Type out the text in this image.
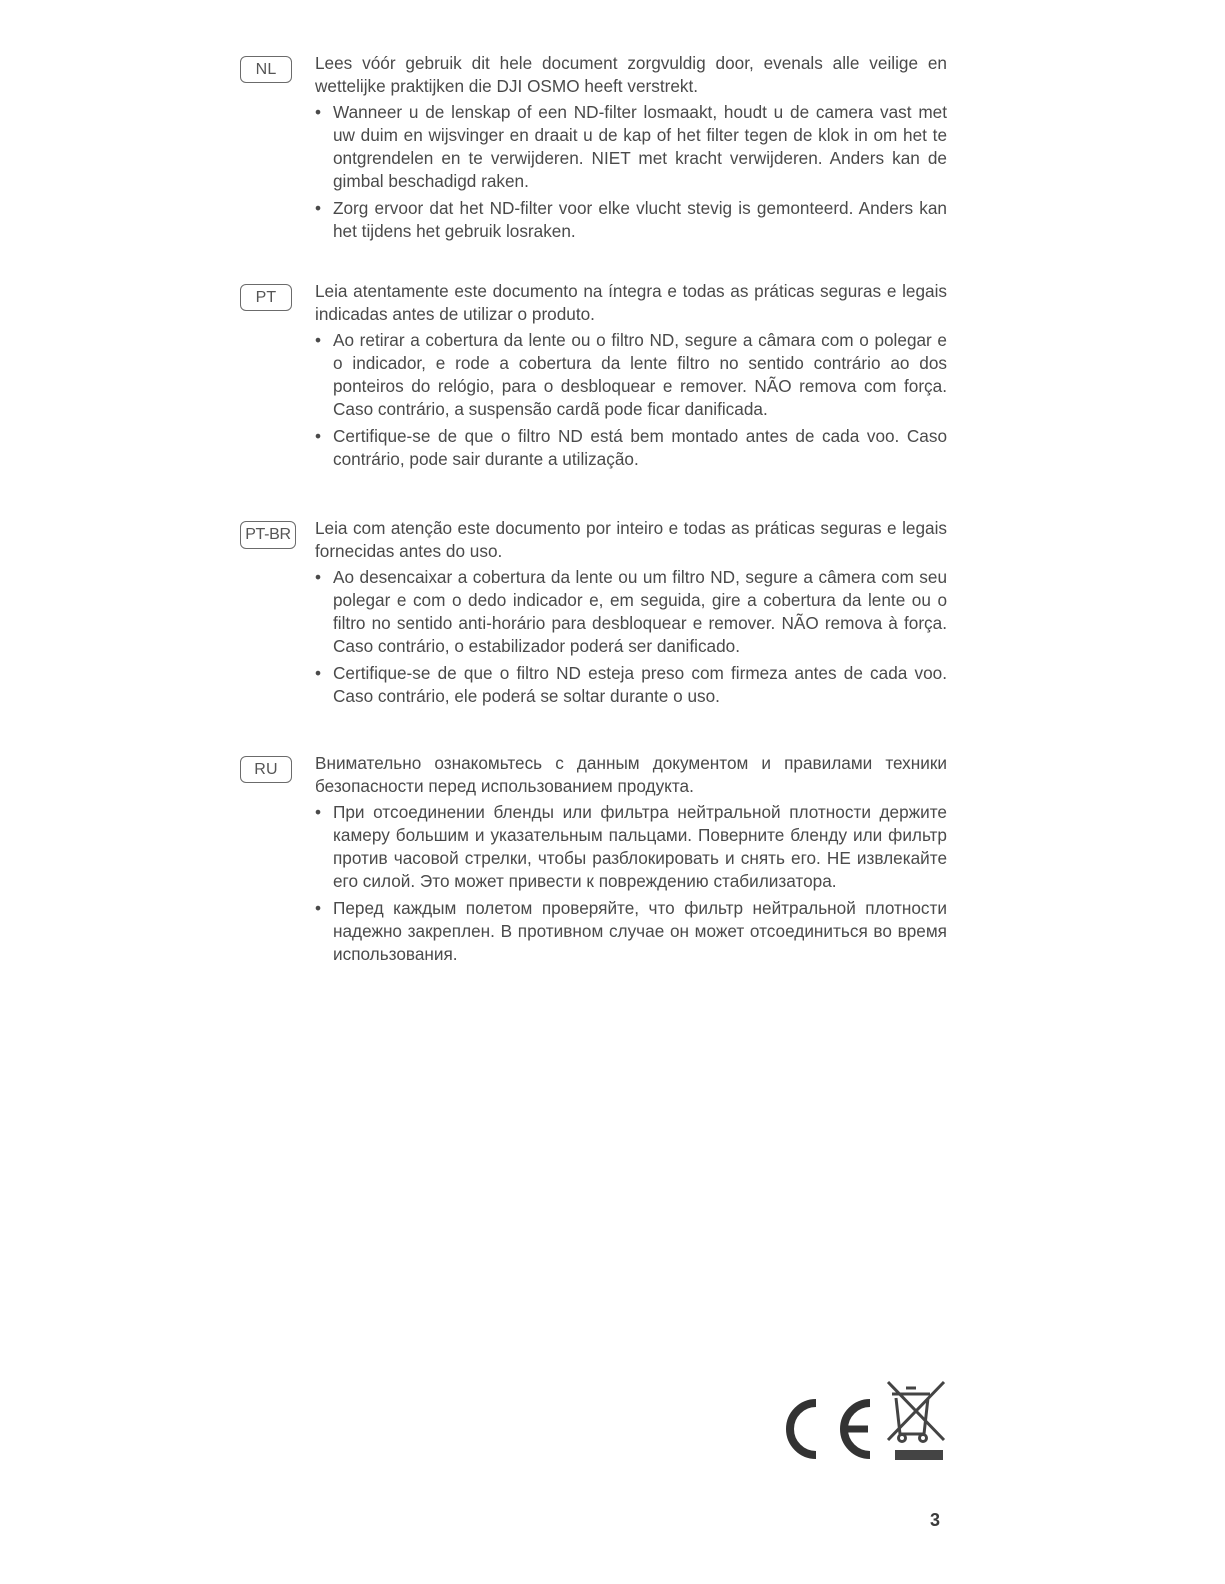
NL	Lees vóór gebruik dit hele document zorgvuldig door, evenals alle veilige en wettelijke praktijken die DJI OSMO heeft verstrekt.

• Wanneer u de lenskap of een ND-filter losmaakt, houdt u de camera vast met uw duim en wijsvinger en draait u de kap of het filter tegen de klok in om het te ontgrendelen en te verwijderen. NIET met kracht verwijderen. Anders kan de gimbal beschadigd raken.
• Zorg ervoor dat het ND-filter voor elke vlucht stevig is gemonteerd. Anders kan het tijdens het gebruik losraken.
PT	Leia atentamente este documento na íntegra e todas as práticas seguras e legais indicadas antes de utilizar o produto.

• Ao retirar a cobertura da lente ou o filtro ND, segure a câmara com o polegar e o indicador, e rode a cobertura da lente filtro no sentido contrário ao dos ponteiros do relógio, para o desbloquear e remover. NÃO remova com força. Caso contrário, a suspensão cardã pode ficar danificada.
• Certifique-se de que o filtro ND está bem montado antes de cada voo. Caso contrário, pode sair durante a utilização.
PT-BR	Leia com atenção este documento por inteiro e todas as práticas seguras e legais fornecidas antes do uso.

• Ao desencaixar a cobertura da lente ou um filtro ND, segure a câmera com seu polegar e com o dedo indicador e, em seguida, gire a cobertura da lente ou o filtro no sentido anti-horário para desbloquear e remover. NÃO remova à força. Caso contrário, o estabilizador poderá ser danificado.
• Certifique-se de que o filtro ND esteja preso com firmeza antes de cada voo. Caso contrário, ele poderá se soltar durante o uso.
RU	Внимательно ознакомьтесь с данным документом и правилами техники безопасности перед использованием продукта.

• При отсоединении бленды или фильтра нейтральной плотности держите камеру большим и указательным пальцами. Поверните бленду или фильтр против часовой стрелки, чтобы разблокировать и снять его. НЕ извлекайте его силой. Это может привести к повреждению стабилизатора.
• Перед каждым полетом проверяйте, что фильтр нейтральной плотности надежно закреплен. В противном случае он может отсоединиться во время использования.
3
